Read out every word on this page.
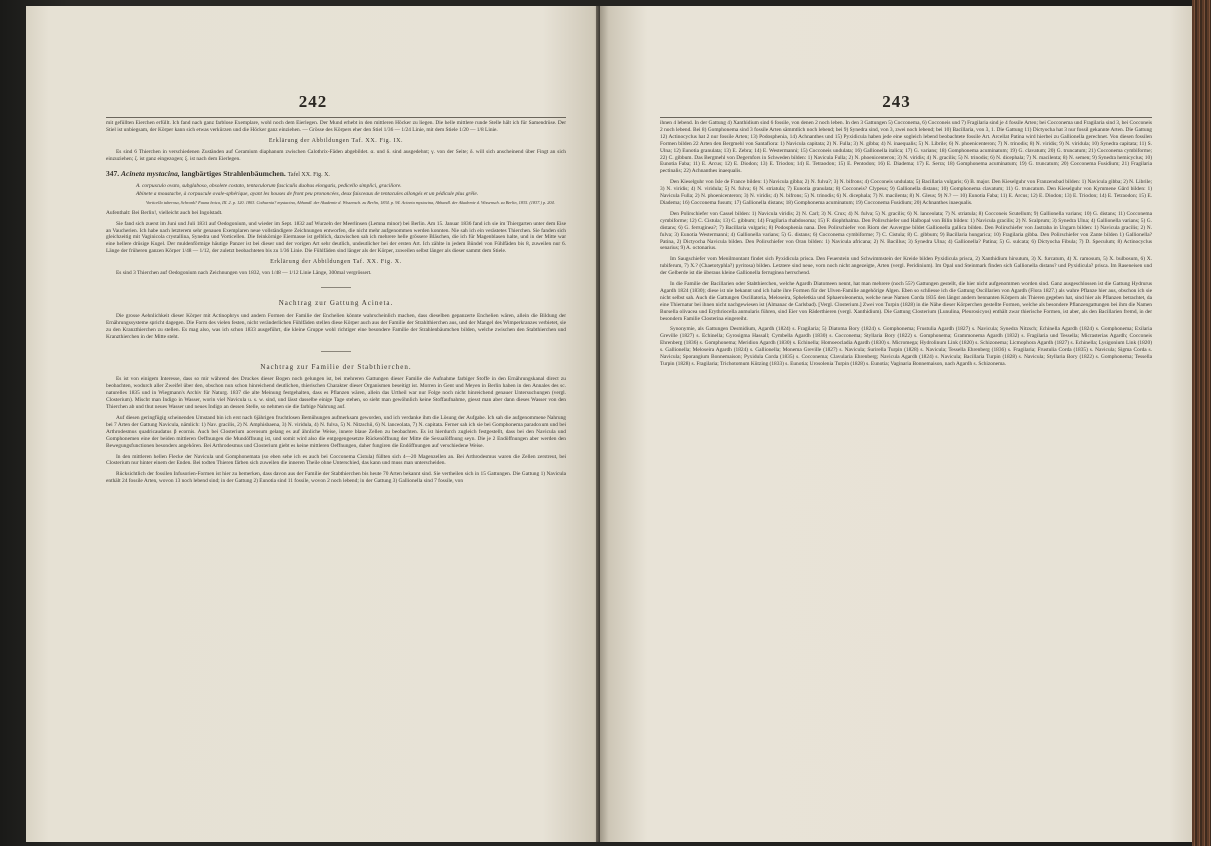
242

mit gefüllten Eierchen erfüllt. Ich fand nach ganz farblose Exemplare, wohl noch dem Eierlegen. Der Mund erhebt in den mittleren Höcker zu liegen. Die helle mittlere runde Stelle hält ich für Samendrüse. Der Stiel ist unbiegsam, der Körper kann sich etwas verkürzen und die Höcker ganz einziehen. — Grösse des Körpers eher den Stiel 1/36 — 1/24 Linie, mit dem Stiele 1/20 — 1/8 Linie.

Erklärung der Abbildungen Taf. XX. Fig. IX.

Es sind 6 Thierchen in verschiedenen Zuständen auf Ceramium diaphanum zwischen Calothrix-Fäden abgebildet. α. und δ. sind ausgedehnt; γ. von der Seite; δ. will sich anscheinend über Fingt an sich einzuziehen; ζ. ist ganz eingezogen; ξ. ist nach dem Eierlegen.

347. Acineta mystacina, langbärtiges Strahlenbäumchen. Tafel XX. Fig. X.

A. corpusculo ovato, subglaboso, obsolete costato, tentaculorum fasciculis duobus elongatis, pedicello simplici, graciliore.

Abinete a moustache, à corpuscule ovale-sphérique, ayant les houses de front peu prononcées, deux faisceaux de tentacules allongés et un pédicule plus grêle.

Vorticella tuberosa, Schrank? Fauna boica, III. 2. p. 120. 1803. Cothurnia? mystacina, Abhandl. der Akademie d. Wissensch. zu Berlin, 1834. p. 94. Acineta mystacina, Abhandl. der Akademie d. Wissensch. zu Berlin, 1835. (1837.) p. 204.

Aufenthalt: Bei Berlin!, vielleicht auch bei Ingolstadt.

Sie fand sich zuerst im Juni und Juli 1831 auf Oedogonium, und wieder im Sept. 1832 auf Wurzeln der Meerlinsen (Lemna minor) bei Berlin. Am 15. Januar 1836 fand ich sie im Thiergarten unter dem Eise an Vaucherien. Ich habe nach letzterem sehr genauen Exemplaren neue vollständigere Zeichnungen entworfen, die nicht mehr aufgenommen werden konnten. Nie sah ich ein verästetes Thierchen. Sie fanden sich gleichzeitig mit Vaginicola crystallina, Synedra und Vorticellen. Die feinkörnige Eiermasse ist gelblich, dazwischen sah ich mehrere helle grössere Bläschen, die ich für Magenblasen halte, und in der Mitte war eine hellere drüsige Kugel. Der muldenförmige häutige Panzer ist bei dieser und der vorigen Art sehr deutlich, undeutlicher bei der ersten Art. Ich zählte in jedem Bündel von Fühlfäden bis 8, zuweilen nur 6. Länge der früheren ganzen Körper 1/48 — 1/12, der zuletzt beobachteten bis zu 1/36 Linie. Die Fühlfäden sind länger als der Körper, zuweilen selbst länger als dieser sammt dem Stiele.

Erklärung der Abbildungen Taf. XX. Fig. X.

Es sind 3 Thierchen auf Oedogonium nach Zeichnungen von 1832, von 1/48 — 1/12 Linie Länge, 300mal vergrössert.

Nachtrag zur Gattung Acineta.

Die grosse Aehnlichkeit dieser Körper mit Actinophrys und andern Formen der Familie der Enchelien könnte wahrscheinlich machen, dass dieselben gepanzerte Enchelien wären, allein die Bildung der Ernährungssysteme spricht dagegen. Die Form des vielen festen, nicht veränderlichen Fühlfäden stellen diese Körper auch aus der Familie der Strahlthierchen aus, und der Mangel des Wimperkranzes verbietet, sie zu den Kranzthierchen zu stellen. Es mag also, was ich schon 1833 ausgeführt, die kleine Gruppe wohl richtiger eine besondere Familie der Strahlenbäumchen bilden, welche zwischen den Stabthierchen und Kranzthierchen in der Mitte steht.

Nachtrag zur Familie der Stabthierchen.

Es ist von einigem Interesse, dass so mir während des Druckes dieser Bogen noch gelungen ist, bei mehreren Gattungen dieser Familie die Aufnahme farbiger Stoffe in den Ernährungskanal direct zu beobachten, wodurch aller Zweifel über den, obschon nun schon hinreichend deutlichen, thierischen Charakter dieser Organismen beseitigt ist. Morren in Gent und Meyen in Berlin haben in den Annales des sc. naturelles 1835 und in Wiegmann's Archiv für Naturg. 1837 die alte Meinung festgehalten, dass es Pflanzen wären, allein das Urtheil war nur Folge noch nicht hinreichend genauer Untersuchungen (vergl. Closterium). Mischt man Indigo in Wasser, worin viel Navicula u. s. w. sind, und lässt dasselbe einige Tage stehen, so sieht man gewöhnlich keine Stoffaufnahme, giesst man aber dann dieses Wasser von den Thierchen ab und thut neues Wasser und neues Indigo an dessen Stelle, so nehmen sie die farbige Nahrung auf.

Auf diesen geringfügig scheinenden Umstand bin ich erst nach 6jährigen fruchtlosen Bemühungen aufmerksam geworden, und ich verdanke ihm die Lösung der Aufgabe. Ich sah die aufgenommene Nahrung bei 7 Arten der Gattung Navicula, nämlich: 1) Nav. gracilis, 2) N. Amphisbaena, 3) N. viridula, 4) N. fulva, 5) N. Nitzschii, 6) N. lanceolata, 7) N. capitata. Ferner sah ich sie bei Gomphonema paradoxum und bei Arthrodesmus quadricaudatus β ecornis. Auch bei Closterium acerosum gelang es auf ähnliche Weise, innere blaue Zellen zu beobachten. Es ist hierdurch zugleich festgestellt, dass bei den Navicula und Gomphonemen eine der beiden mittleren Oeffnungen die Mundöffnung ist, und somit wird also die entgegengesetzte Rückenöffnung der Mitte die Sexualöffnung seyn. Die je 2 Endöffnungen aber werden den Bewegungsfunctionen besonders angehören. Bei Arthrodesmus und Closterium giebt es keine mittleren Oeffnungen, daher fungiren die Endöffnungen auf verschiedene Weise.

In den mittleren hellen Flecke der Navicula und Gomphonemata (so eben sehe ich es auch bei Cocconema Cistula) füllten sich 4—20 Magenzellen an. Bei Arthrodesmus waren die Zellen zerstreut, bei Closterium nur hinter einem der Enden. Bei todten Thieren färben sich zuweilen die inneren Theile ohne Unterschied, das kann und muss man unterscheiden.

Rücksichtlich der fossilen Infusorien-Formen ist hier zu bemerken, dass davon aus der Familie der Stabthierchen bis heute 70 Arten bekannt sind. Sie vertheilen sich in 15 Gattungen. Die Gattung 1) Navicula enthält 24 fossile Arten, wovon 13 noch lebend sind; in der Gattung 2) Eunotia sind 11 fossile, wovon 2 noch lebend; in der Gattung 3) Gallionella sind 7 fossile, von

243

ihnen 4 lebend. In der Gattung 4) Xanthidium sind 6 fossile, von denen 2 noch leben. In den 3 Gattungen 5) Cocconema, 6) Cocconeis und 7) Fragilaria sind je 4 fossile Arten; bei Cocconema und Fragilaria sind 3, bei Cocconeis 2 noch lebend. Bei 8) Gomphonema sind 3 fossile Arten sämmtlich noch lebend; bei 9) Synedra sind, von 3, zwei noch lebend; bei 10) Bacillaria, von 3, 1. Die Gattung 11) Dictyocha hat 3 nur fossil gekannte Arten. Die Gattung 12) Actinocyclus hat 2 nur fossile Arten; 13) Podosphenia, 14) Achnanthes und 15) Pyxidicula haben jede eine sogleich lebend beobachtete fossile Art. Arcellat Patina wird hierbei zu Gallionella gerechnet. Von diesen fossilen Formen bilden 22 Arten den Bergmehl von Santafiora: 1) Navicula capitata; 2) N. Fulla; 3) N. gibba; 4) N. inaequalis; 5) N. Librile; 6) N. phoenicenteron; 7) N. trinodis; 8) N. viridis; 9) N. viridula; 10) Synedra capitata; 11) S. Ulna; 12) Eunotia granulata; 13) E. Zebra; 14) E. Westermanni; 15) Cocconeis undulata; 16) Gallionella italica; 17) G. varians; 18) Gomphonema acuminatum; 19) G. clavatum; 20) G. truncatum; 21) Cocconema cymbiforme; 22) C. gibbum. Das Bergmehl von Degernfors in Schweden bilden: 1) Navicula Fulla; 2) N. phoenicenteron; 3) N. viridis; 4) N. gracilis; 5) N. trinodis; 6) N. dicephala; 7) N. macilenta; 8) N. semen; 9) Synedra hemicyclus; 10) Eunotia Faba; 11) E. Arcus; 12) E. Diodon; 13) E. Triodon; 14) E. Tetraodon; 15) E. Pentodon; 16) E. Diadema; 17) E. Serra; 18) Gomphonema acuminatum; 19) G. truncatum; 20) Cocconema Fusidium; 21) Fragilaria pectinalis; 22) Achnanthes inaequalis.

Den Kieselguhr von Isle de France bilden: 1) Navicula gibba; 2) N. fulva?; 3) N. bifrons; 4) Cocconeis undulata; 5) Bacillaria vulgaris; 6) B. major. Den Kieselguhr von Franzensbad bilden: 1) Navicula gibba; 2) N. Librile; 3) N. viridis; 4) N. viridula; 5) N. fulva; 6) N. striatula; 7) Eunotia granulata; 8) Cocconeis? Clypeus; 9) Gallionella distans; 10) Gomphonema clavatum; 11) G. truncatum. Den Kieselguhr von Kymmene Gård bilden: 1) Navicula Fulla; 2) N. phoenicenteron; 3) N. viridis; 4) N. bifrons; 5) N. trinodis; 6) N. dicephala; 7) N. macilenta; 8) N. Gleus; 9) N.? — 10) Eunotia Faba; 11) E. Arcus; 12) E. Diodon; 13) E. Triodon; 14) E. Tetraodon; 15) E. Diadema; 16) Cocconema fusum; 17) Gallionella distans; 18) Gomphonema acuminatum; 19) Cocconema Fusidium; 20) Achnanthes inaequalis.

Den Polirschiefer von Cassel bilden: 1) Navicula viridis; 2) N. Carl; 3) N. Crux; 4) N. fulva; 5) N. gracilis; 6) N. lanceolata; 7) N. striatula; 8) Cocconeis Scutellum; 9) Gallionella varians; 10) G. distans; 11) Cocconema cymbiforme; 12) C. Cistula; 13) C. gibbum; 14) Fragilaria rhabdosoma; 15) F. diophthalma. Den Polirschiefer und Halbopal von Bilin bilden: 1) Navicula gracilis; 2) N. Scalprum; 3) Synedra Ulna; 4) Gallionella varians; 5) G. distans; 6) G. ferruginea?; 7) Bacillaria vulgaris; 8) Podosphenia nana. Den Polirschiefer von Riom der Auvergne bildet Gallionella gallica bilden. Den Polirschiefer von Jastraba in Ungarn bilden: 1) Navicula gracilis; 2) N. fulva; 3) Eunotia Westermanni; 4) Gallionella varians; 5) G. distans; 6) Cocconema cymbiforme; 7) C. Cistula; 8) C. gibbum; 9) Bacillaria hungarica; 10) Fragilaria gibba. Den Polirschiefer von Zante bilden 1) Gallionella? Patina, 2) Dictyocha Navicula bilden. Den Polirschiefer von Oran bilden: 1) Navicula africana; 2) N. Bacillus; 3) Synedra Ulna; 4) Gallionella? Patina; 5) G. sulcata; 6) Dictyocha Fibula; 7) D. Speculum; 8) Actinocyclus senarius; 9) A. octonarius.

Im Saugschiefer vom Menilmontant findet sich Pyxidicula prisca. Den Feuerstein und Schwimmstein der Kreide bilden Pyxidicula prisca, 2) Xanthidium hirsutum, 3) X. furcatum, 4) X. ramosum, 5) X. bulbosum, 6) X. tubiferum, 7) X.? (Chaetotyphla?) pyritosa) bilden. Letztere sind neue, vorn noch nicht angezeigte, Arten (vergl. Peridinium). Im Opal und Steinmark finden sich Gallionella distans? und Pyxidicula? prisca. Im Raseneisen und der Gelberde ist die überaus kleine Gallionella ferruginea herrschend.

In die Familie der Bacillarien oder Stabthierchen, welche Agardh Diatomeen nennt, hat man mehrere (noch 55?) Gattungen gestellt, die hier nicht aufgenommen worden sind. Ganz ausgeschlossen ist die Gattung Hydrurus Agardh 1824 (1830); diese ist nie bekannt und ich halte ihre Formen für der Ulven-Familie angehörige Algen. Eben so schliesse ich die Gattung Oscillarien von Agardh (Flora 1827.) als wahre Pflanze hier aus, obschon ich sie nicht selbst sah. Auch die Gattungen Oscillatoria, Meloseira, Spheletkia und Sphaeroleonema, welche neue Namen Corda 1835 den längst andern bennanten Körpern als Thieren gegeben hat, sind hier als Pflanzen betrachtet, da eine Thiernatur bei ihnen nicht nachgewiesen ist (Almanac de Carlsbad). [Vergl. Closterium.] Zwei von Turpin (1828) in die Nähe dieser Körperchen gestellte Formen, welche als besondere Pflanzengattungen bei ihm die Namen Bursella olivacea und Erythriocella anmularis führen, sind Eier von Räderthieren (vergl. Xanthidium). Die Gattung Closterium (Lunulina, Pleurosicyos) enthält zwar thierische Formen, ist aber, als den Bacillarien fremd, in der besondern Familie Closterina eingereiht.

Synonymie, als Gattungen Desmidium, Agardh (1824) s. Fragilaria; 5) Diatoma Bory (1824) s. Gomphonema; Frustulia Agardh (1827) s. Navicula; Synedra Nitzsch; Echinella Agardh (1824) s. Gomphonema; Exilaria Greville (1827) s. Echinella; Gyrosigma Hassall; Cymbella Agardh (1830) s. Cocconema; Styllaria Bory (1822) s. Gomphonema; Grammonema Agardh (1832) s. Fragilaria und Tessella; Micrasterias Agardh; Cocconeis Ehrenberg (1836) s. Gomphonema; Meridion Agardh (1830) s. Echinella; Homoeocladia Agardh (1830) s. Micromega; Hydrolinum Link (1820) s. Schizonema; Licmophora Agardh (1827) s. Echinella; Lysigonium Link (1820) s. Gallionella; Meloseira Agardh (1824) s. Gallionella; Monema Greville (1827) s. Navicula; Surirella Turpin (1828) s. Navicula; Tessella Ehrenberg (1836) s. Fragilaria; Frustulia Corda (1835) s. Navicula; Sigma Corda s. Navicula; Sporangium Bonnemaison; Pyxidula Corda (1835) s. Cocconema; Clavularia Ehrenberg; Navicula Agardh (1824) s. Navicula; Bacillaria Turpin (1828) s. Navicula; Styllaria Bory (1822) s. Gomphonema; Tessella Turpin (1828) s. Fragilaria; Trichotomum Kützing (1833) s. Eunotia; Urosolenia Turpin (1828) s. Eunotia; Vaginaria Bonnemaison, nach Agardh s. Schizonema.
